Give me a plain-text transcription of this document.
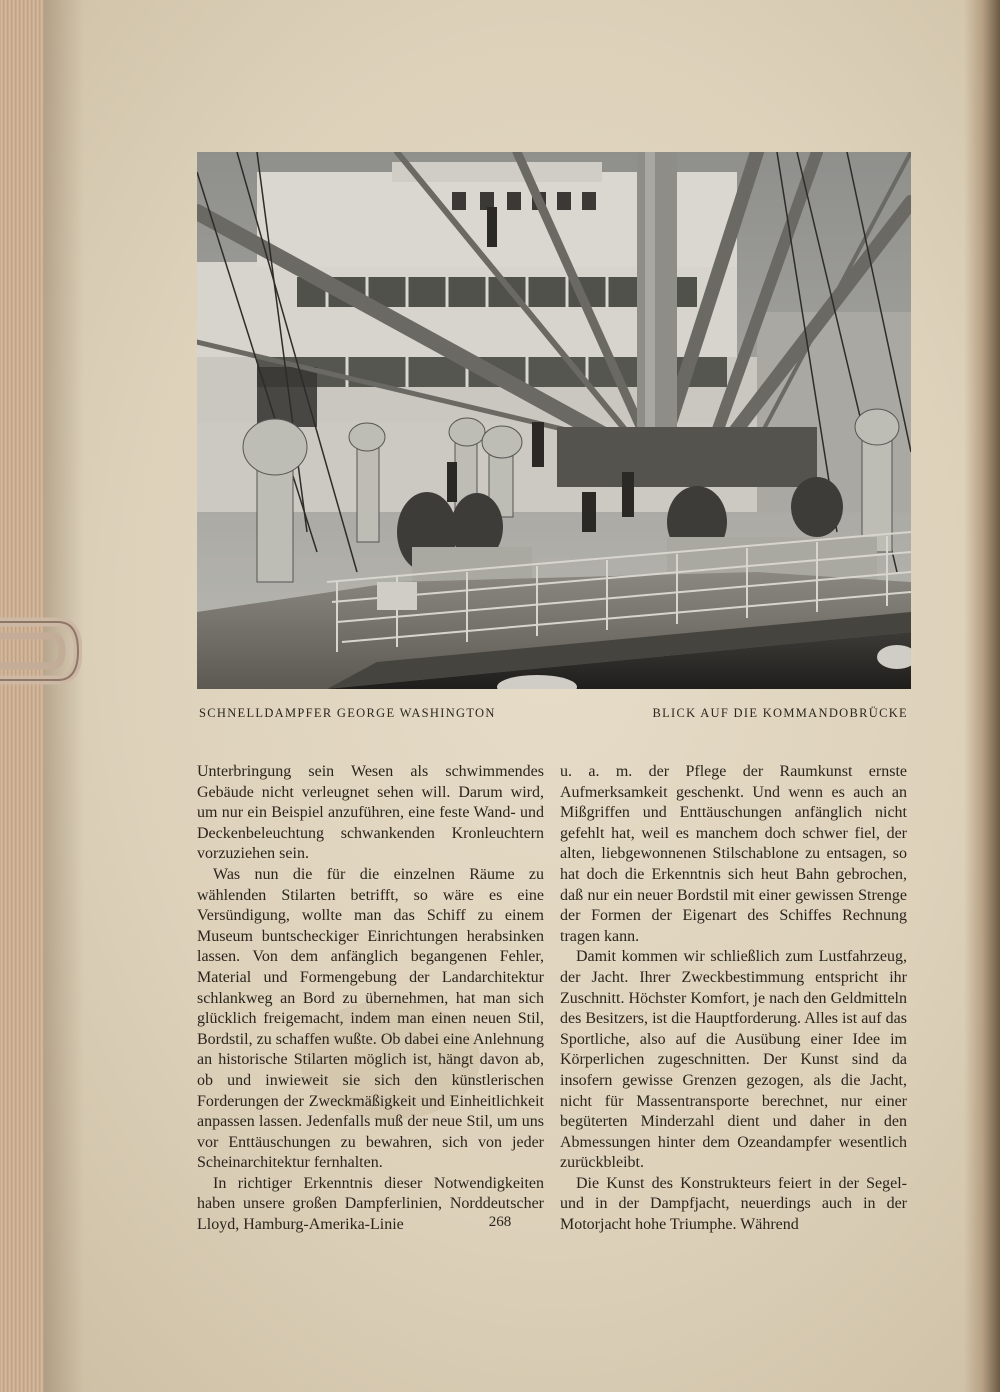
SCHNELLDAMPFER GEORGE WASHINGTON	BLICK AUF DIE KOMMANDOBRÜCKE

Unterbringung sein Wesen als schwimmendes Gebäude nicht verleugnet sehen will. Darum wird, um nur ein Beispiel anzuführen, eine feste Wand- und Deckenbeleuchtung schwankenden Kronleuchtern vorzuziehen sein.

Was nun die für die einzelnen Räume zu wählenden Stilarten betrifft, so wäre es eine Versündigung, wollte man das Schiff zu einem Museum buntscheckiger Einrichtungen herabsinken lassen. Von dem anfänglich begangenen Fehler, Material und Formengebung der Landarchitektur schlankweg an Bord zu übernehmen, hat man sich glücklich freigemacht, indem man einen neuen Stil, Bordstil, zu schaffen wußte. Ob dabei eine Anlehnung an historische Stilarten möglich ist, hängt davon ab, ob und inwieweit sie sich den künstlerischen Forderungen der Zweckmäßigkeit und Einheitlichkeit anpassen lassen. Jedenfalls muß der neue Stil, um uns vor Enttäuschungen zu bewahren, sich von jeder Scheinarchitektur fernhalten.

In richtiger Erkenntnis dieser Notwendigkeiten haben unsere großen Dampferlinien, Norddeutscher Lloyd, Hamburg-Amerika-Linie

u. a. m. der Pflege der Raumkunst ernste Aufmerksamkeit geschenkt. Und wenn es auch an Mißgriffen und Enttäuschungen anfänglich nicht gefehlt hat, weil es manchem doch schwer fiel, der alten, liebgewonnenen Stilschablone zu entsagen, so hat doch die Erkenntnis sich heut Bahn gebrochen, daß nur ein neuer Bordstil mit einer gewissen Strenge der Formen der Eigenart des Schiffes Rechnung tragen kann.

Damit kommen wir schließlich zum Lustfahrzeug, der Jacht. Ihrer Zweckbestimmung entspricht ihr Zuschnitt. Höchster Komfort, je nach den Geldmitteln des Besitzers, ist die Hauptforderung. Alles ist auf das Sportliche, also auf die Ausübung einer Idee im Körperlichen zugeschnitten. Der Kunst sind da insofern gewisse Grenzen gezogen, als die Jacht, nicht für Massentransporte berechnet, nur einer begüterten Minderzahl dient und daher in den Abmessungen hinter dem Ozeandampfer wesentlich zurückbleibt.

Die Kunst des Konstrukteurs feiert in der Segel- und in der Dampfjacht, neuerdings auch in der Motorjacht hohe Triumphe. Während

268
